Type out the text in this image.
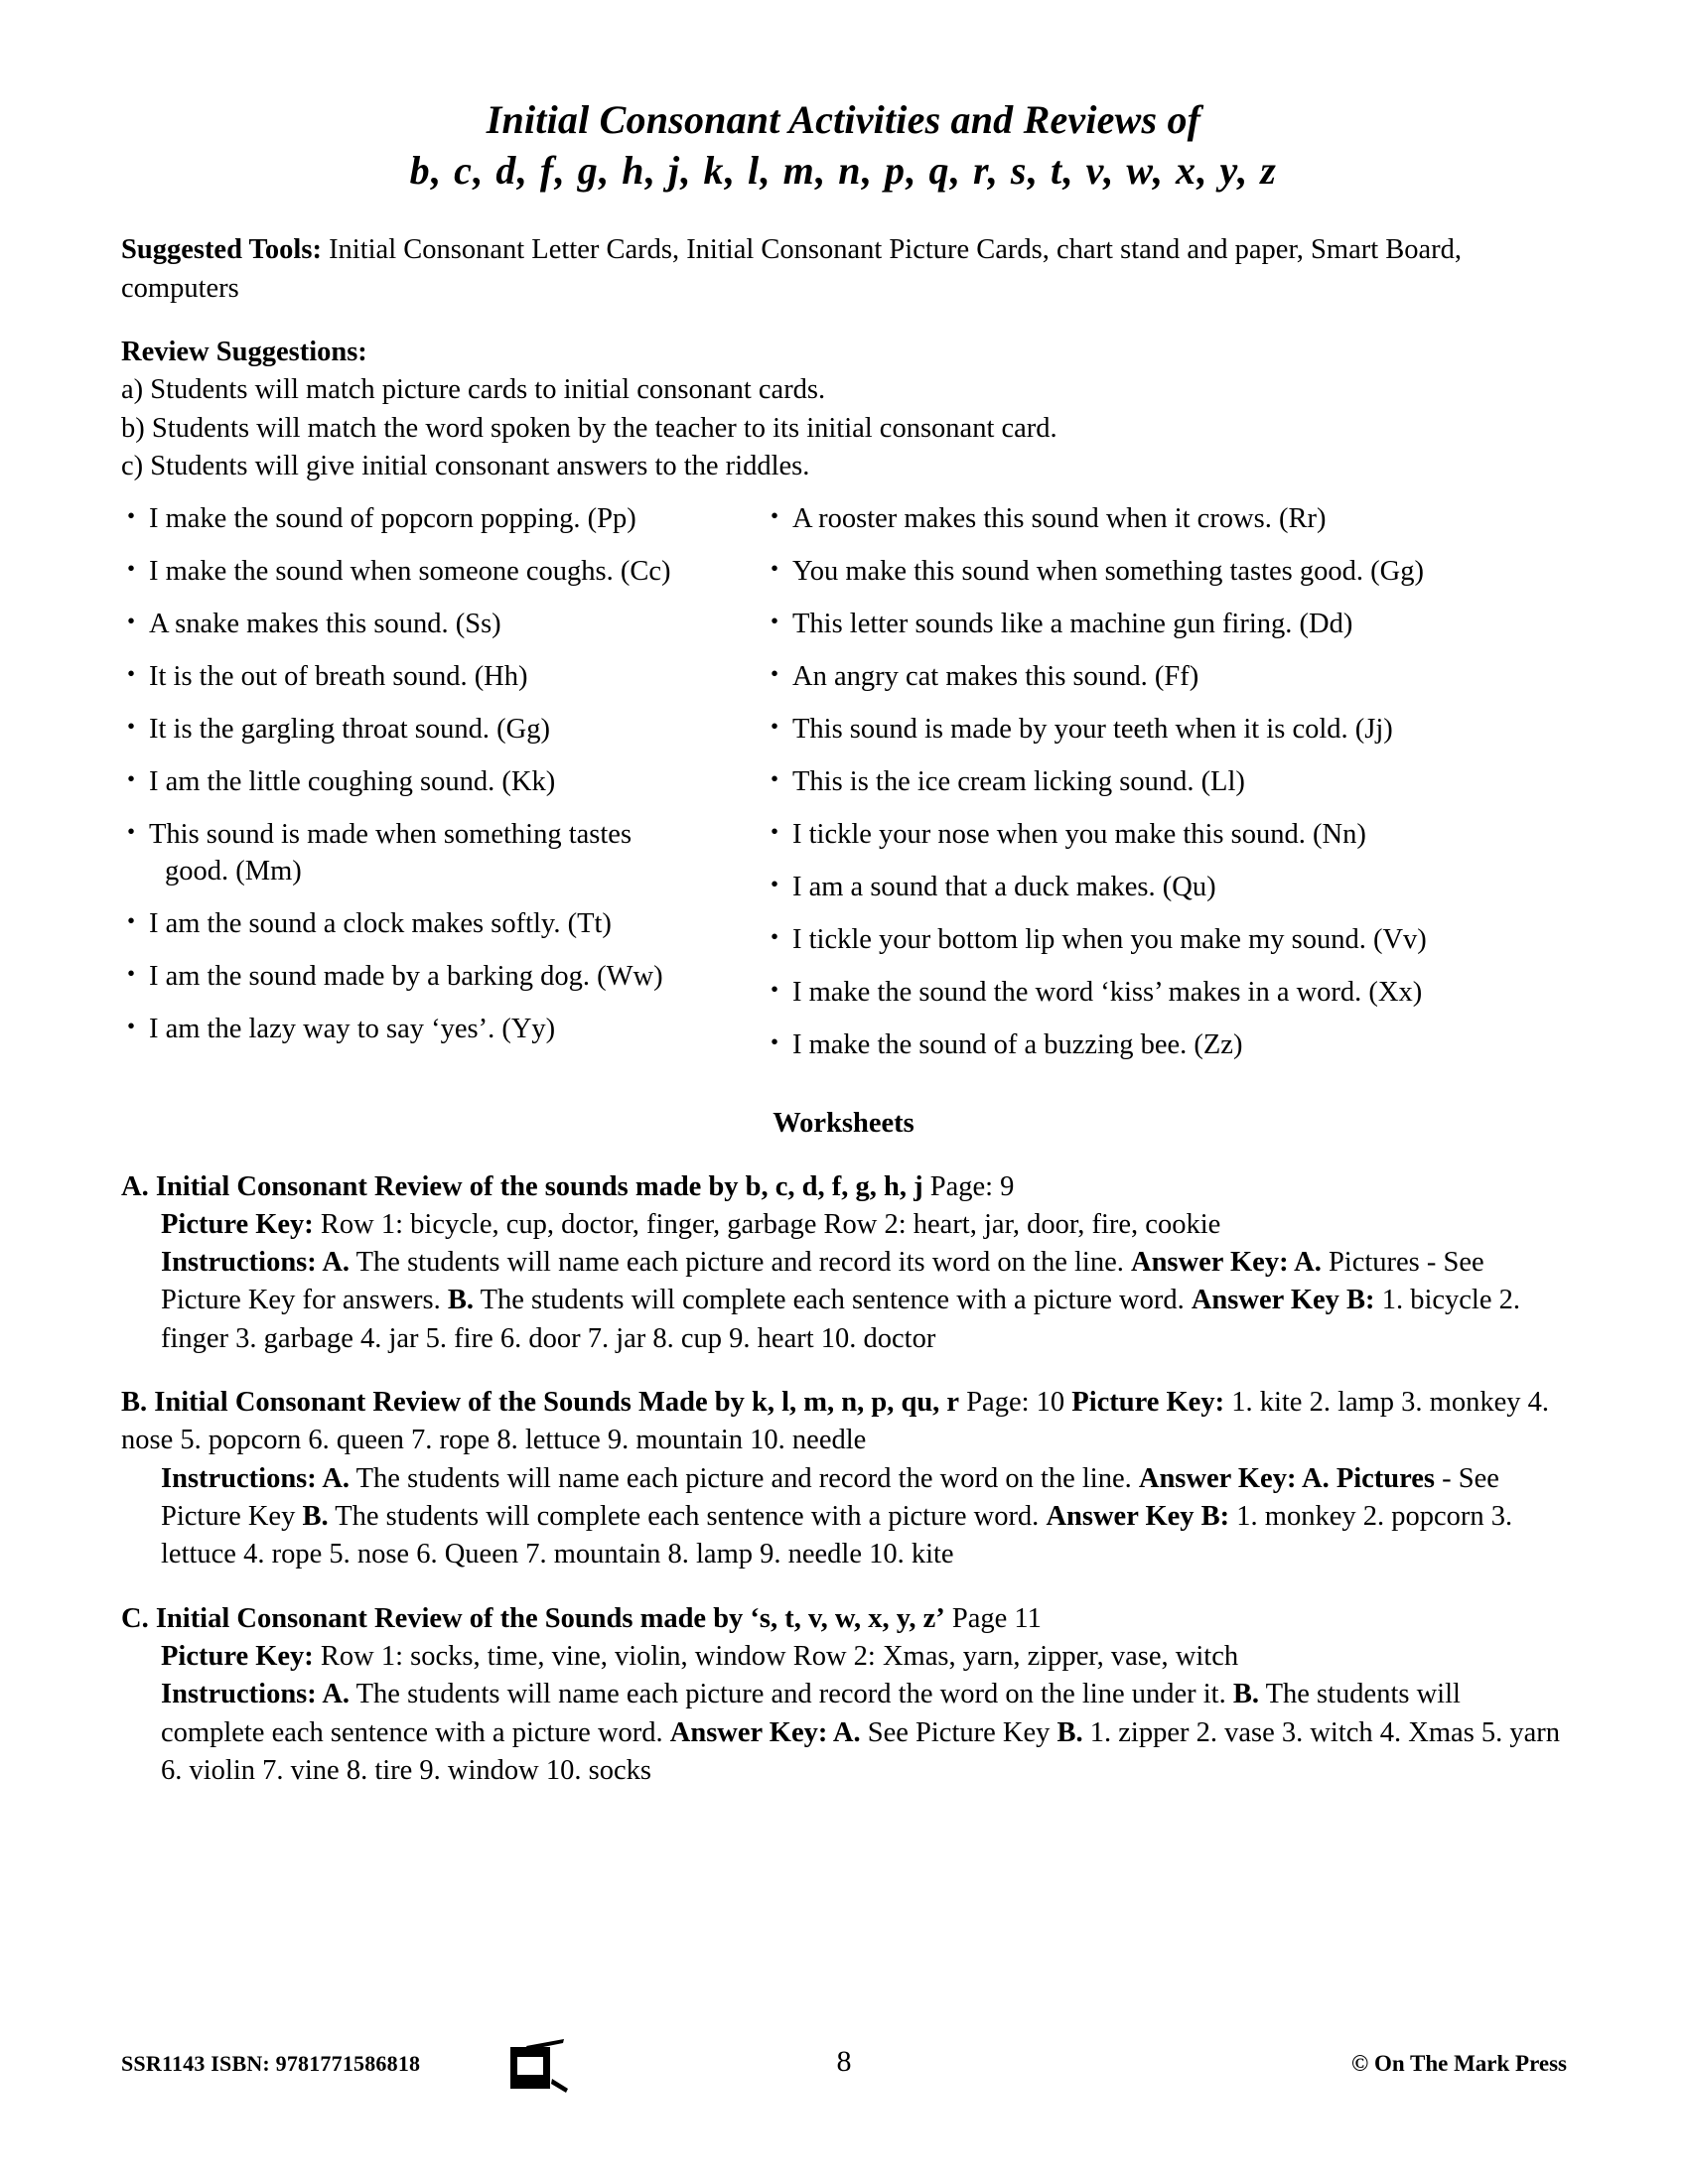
Initial Consonant Activities and Reviews of
b, c, d, f, g, h, j, k, l, m, n, p, q, r, s, t, v, w, x, y, z

Suggested Tools: Initial Consonant Letter Cards, Initial Consonant Picture Cards, chart stand and paper, Smart Board, computers

Review Suggestions:

a) Students will match picture cards to initial consonant cards.

b) Students will match the word spoken by the teacher to its initial consonant card.

c) Students will give initial consonant answers to the riddles.

• I make the sound of popcorn popping. (Pp)
• I make the sound when someone coughs. (Cc)
• A snake makes this sound. (Ss)
• It is the out of breath sound. (Hh)
• It is the gargling throat sound. (Gg)
• I am the little coughing sound. (Kk)
• This sound is made when something tastes
good. (Mm)
• I am the sound a clock makes softly. (Tt)
• I am the sound made by a barking dog. (Ww)
• I am the lazy way to say ‘yes’. (Yy)
• A rooster makes this sound when it crows. (Rr)
• You make this sound when something tastes good. (Gg)
• This letter sounds like a machine gun firing. (Dd)
• An angry cat makes this sound. (Ff)
• This sound is made by your teeth when it is cold. (Jj)
• This is the ice cream licking sound. (Ll)
• I tickle your nose when you make this sound. (Nn)
• I am a sound that a duck makes. (Qu)
• I tickle your bottom lip when you make my sound. (Vv)
• I make the sound the word ‘kiss’ makes in a word. (Xx)
• I make the sound of a buzzing bee. (Zz)

Worksheets

A. Initial Consonant Review of the sounds made by b, c, d, f, g, h, j Page: 9

Picture Key: Row 1: bicycle, cup, doctor, finger, garbage Row 2: heart, jar, door, fire, cookie

Instructions: A. The students will name each picture and record its word on the line. Answer Key: A. Pictures - See Picture Key for answers. B. The students will complete each sentence with a picture word. Answer Key B: 1. bicycle 2. finger 3. garbage 4. jar 5. fire 6. door 7. jar 8. cup 9. heart 10. doctor

B. Initial Consonant Review of the Sounds Made by k, l, m, n, p, qu, r Page: 10 Picture Key: 1. kite 2. lamp 3. monkey 4. nose 5. popcorn 6. queen 7. rope 8. lettuce 9. mountain 10. needle

Instructions: A. The students will name each picture and record the word on the line. Answer Key: A. Pictures - See Picture Key B. The students will complete each sentence with a picture word. Answer Key B: 1. monkey 2. popcorn 3. lettuce 4. rope 5. nose 6. Queen 7. mountain 8. lamp 9. needle 10. kite

C. Initial Consonant Review of the Sounds made by ‘s, t, v, w, x, y, z’ Page 11

Picture Key: Row 1: socks, time, vine, violin, window Row 2: Xmas, yarn, zipper, vase, witch

Instructions: A. The students will name each picture and record the word on the line under it. B. The students will complete each sentence with a picture word. Answer Key: A. See Picture Key B. 1. zipper 2. vase 3. witch 4. Xmas 5. yarn 6. violin 7. vine 8. tire 9. window 10. socks

SSR1143 ISBN: 9781771586818	8	© On The Mark Press
